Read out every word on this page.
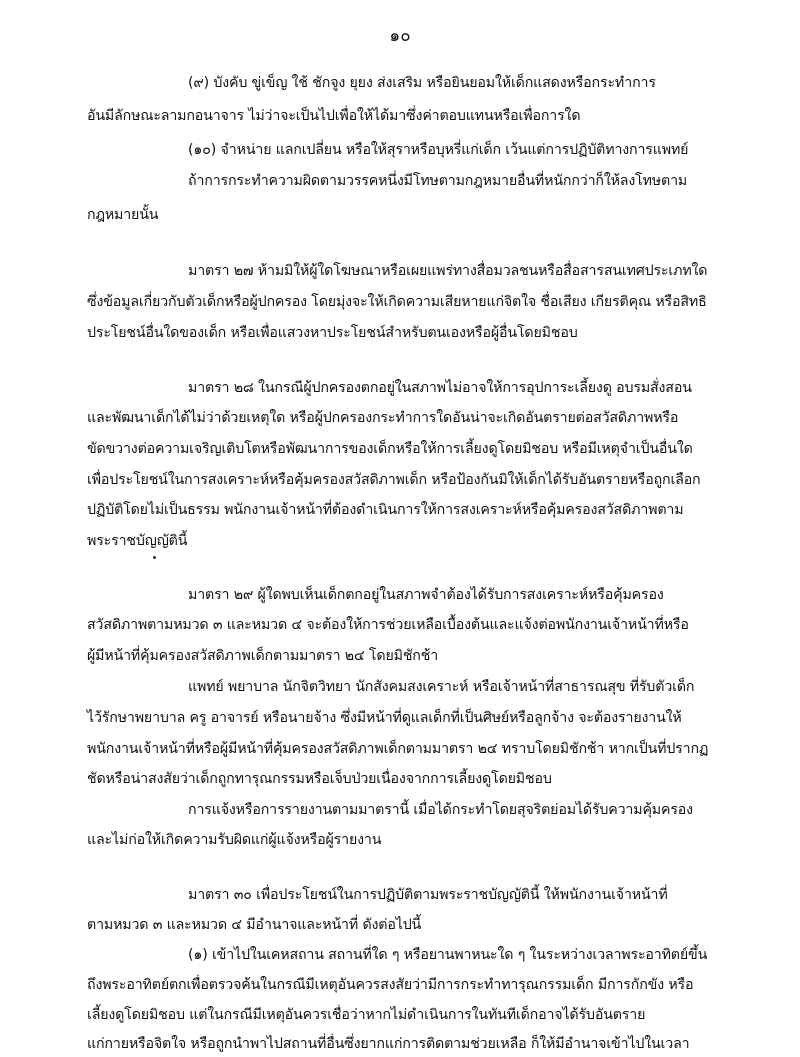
๑๐
(๙) บังคับ ขู่เข็ญ ใช้ ชักจูง ยุยง ส่งเสริม หรือยินยอมให้เด็กแสดงหรือกระทำการ
อันมีลักษณะลามกอนาจาร ไม่ว่าจะเป็นไปเพื่อให้ได้มาซึ่งค่าตอบแทนหรือเพื่อการใด
(๑๐) จำหน่าย แลกเปลี่ยน หรือให้สุราหรือบุหรี่แก่เด็ก เว้นแต่การปฏิบัติทางการแพทย์
ถ้าการกระทำความผิดตามวรรคหนึ่งมีโทษตามกฎหมายอื่นที่หนักกว่าก็ให้ลงโทษตาม
กฎหมายนั้น
มาตรา ๒๗ ห้ามมิให้ผู้ใดโฆษณาหรือเผยแพร่ทางสื่อมวลชนหรือสื่อสารสนเทศประเภทใด
ซึ่งข้อมูลเกี่ยวกับตัวเด็กหรือผู้ปกครอง โดยมุ่งจะให้เกิดความเสียหายแก่จิตใจ ชื่อเสียง เกียรติคุณ หรือสิทธิ
ประโยชน์อื่นใดของเด็ก หรือเพื่อแสวงหาประโยชน์สำหรับตนเองหรือผู้อื่นโดยมิชอบ
มาตรา ๒๘ ในกรณีผู้ปกครองตกอยู่ในสภาพไม่อาจให้การอุปการะเลี้ยงดู อบรมสั่งสอน
และพัฒนาเด็กได้ไม่ว่าด้วยเหตุใด หรือผู้ปกครองกระทำการใดอันน่าจะเกิดอันตรายต่อสวัสดิภาพหรือ
ขัดขวางต่อความเจริญเติบโตหรือพัฒนาการของเด็กหรือให้การเลี้ยงดูโดยมิชอบ หรือมีเหตุจำเป็นอื่นใด
เพื่อประโยชน์ในการสงเคราะห์หรือคุ้มครองสวัสดิภาพเด็ก หรือป้องกันมิให้เด็กได้รับอันตรายหรือถูกเลือก
ปฏิบัติโดยไม่เป็นธรรม พนักงานเจ้าหน้าที่ต้องดำเนินการให้การสงเคราะห์หรือคุ้มครองสวัสดิภาพตาม
พระราชบัญญัตินี้
มาตรา ๒๙ ผู้ใดพบเห็นเด็กตกอยู่ในสภาพจำต้องได้รับการสงเคราะห์หรือคุ้มครอง
สวัสดิภาพตามหมวด ๓ และหมวด ๔ จะต้องให้การช่วยเหลือเบื้องต้นและแจ้งต่อพนักงานเจ้าหน้าที่หรือ
ผู้มีหน้าที่คุ้มครองสวัสดิภาพเด็กตามมาตรา ๒๔ โดยมิชักช้า
แพทย์ พยาบาล นักจิตวิทยา นักสังคมสงเคราะห์ หรือเจ้าหน้าที่สาธารณสุข ที่รับตัวเด็ก
ไว้รักษาพยาบาล ครู อาจารย์ หรือนายจ้าง ซึ่งมีหน้าที่ดูแลเด็กที่เป็นศิษย์หรือลูกจ้าง จะต้องรายงานให้
พนักงานเจ้าหน้าที่หรือผู้มีหน้าที่คุ้มครองสวัสดิภาพเด็กตามมาตรา ๒๔ ทราบโดยมิชักช้า หากเป็นที่ปรากฏ
ชัดหรือน่าสงสัยว่าเด็กถูกทารุณกรรมหรือเจ็บป่วยเนื่องจากการเลี้ยงดูโดยมิชอบ
การแจ้งหรือการรายงานตามมาตรานี้ เมื่อได้กระทำโดยสุจริตย่อมได้รับความคุ้มครอง
และไม่ก่อให้เกิดความรับผิดแก่ผู้แจ้งหรือผู้รายงาน
มาตรา ๓๐ เพื่อประโยชน์ในการปฏิบัติตามพระราชบัญญัตินี้ ให้พนักงานเจ้าหน้าที่
ตามหมวด ๓ และหมวด ๔ มีอำนาจและหน้าที่ ดังต่อไปนี้
(๑) เข้าไปในเคหสถาน สถานที่ใด ๆ หรือยานพาหนะใด ๆ ในระหว่างเวลาพระอาทิตย์ขึ้น
ถึงพระอาทิตย์ตกเพื่อตรวจค้นในกรณีมีเหตุอันควรสงสัยว่ามีการกระทำทารุณกรรมเด็ก มีการกักขัง หรือ
เลี้ยงดูโดยมิชอบ แต่ในกรณีมีเหตุอันควรเชื่อว่าหากไม่ดำเนินการในทันทีเด็กอาจได้รับอันตราย
แก่กายหรือจิตใจ หรือถูกนำพาไปสถานที่อื่นซึ่งยากแก่การติดตามช่วยเหลือ ก็ให้มีอำนาจเข้าไปในเวลา
